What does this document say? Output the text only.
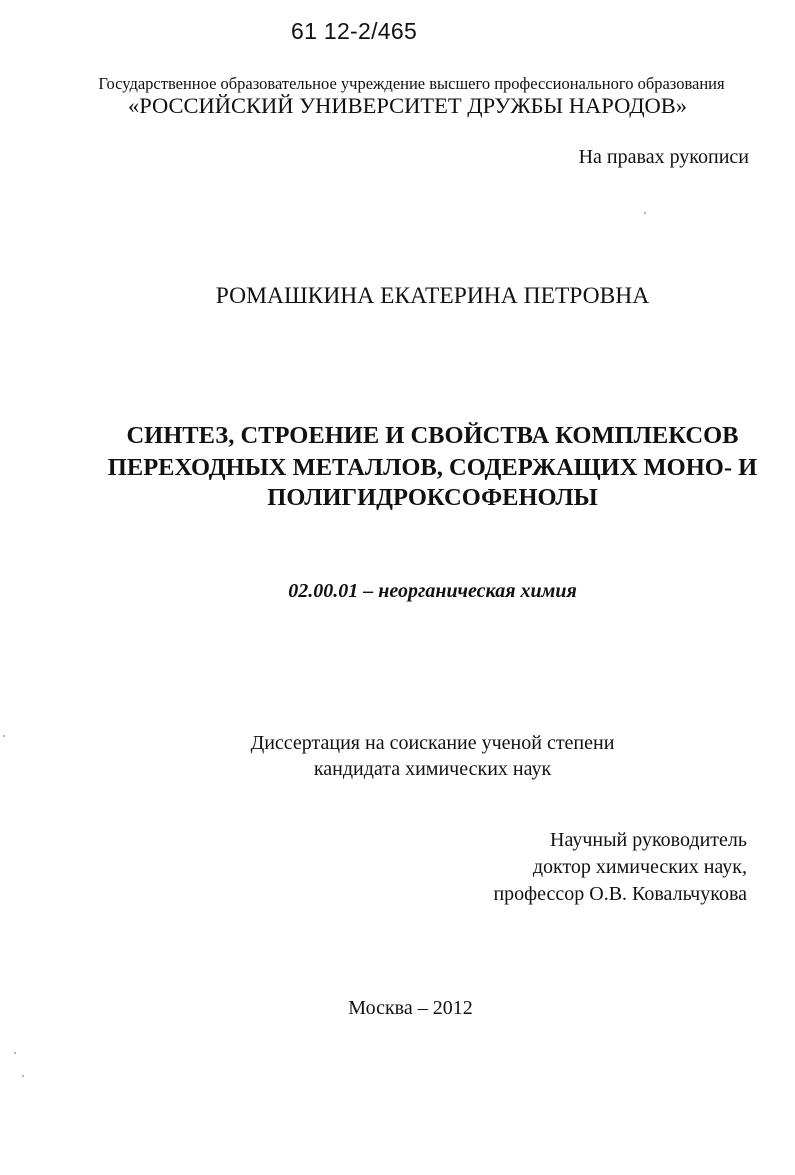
61 12-2/465
Государственное образовательное учреждение высшего профессионального образования
«РОССИЙСКИЙ УНИВЕРСИТЕТ ДРУЖБЫ НАРОДОВ»
На правах рукописи
РОМАШКИНА ЕКАТЕРИНА ПЕТРОВНА
СИНТЕЗ, СТРОЕНИЕ И СВОЙСТВА КОМПЛЕКСОВ
ПЕРЕХОДНЫХ МЕТАЛЛОВ, СОДЕРЖАЩИХ МОНО- И
ПОЛИГИДРОКСОФЕНОЛЫ
02.00.01 – неорганическая химия
Диссертация на соискание ученой степени
кандидата химических наук
Научный руководитель
доктор химических наук,
профессор О.В. Ковальчукова
Москва – 2012
